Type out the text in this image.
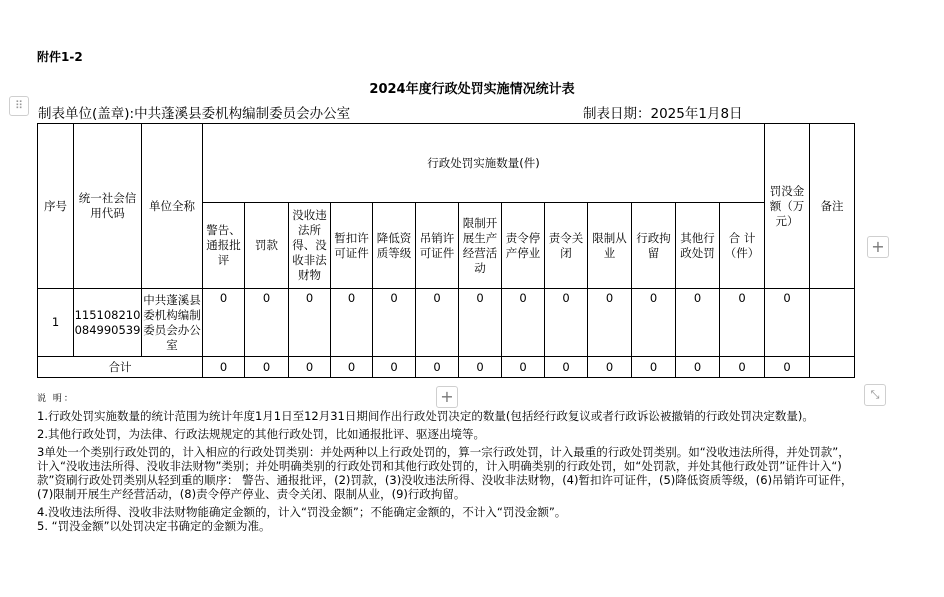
附件1-2
2024年度行政处罚实施情况统计表
⠿
制表单位(盖章):中共蓬溪县委机构编制委员会办公室	制表日期：2025年1月8日
序号	统一社会信用代码	单位全称	行政处罚实施数量(件)													罚没金额（万元）	备注
			警告、通报批评	罚款	没收违法所得、没收非法财物	暂扣许可证件	降低资质等级	吊销许可证件	限制开展生产经营活动	责令停产停业	责令关闭	限制从业	行政拘留	其他行政处罚	合 计（件）		
1	115108210084990539	中共蓬溪县委机构编制委员会办公室	0	0	0	0	0	0	0	0	0	0	0	0	0	0	
合计			0	0	0	0	0	0	0	0	0	0	0	0	0	0	
+
+	⤡

说 明：

1.行政处罚实施数量的统计范围为统计年度1月1日至12月31日期间作出行政处罚决定的数量(包括经行政复议或者行政诉讼被撤销的行政处罚决定数量)。

2.其他行政处罚，为法律、行政法规规定的其他行政处罚，比如通报批评、驱逐出境等。

3单处一个类别行政处罚的，计入相应的行政处罚类别：并处两种以上行政处罚的，算一宗行政处罚，计入最重的行政处罚类别。如“没收违法所得，并处罚款”，计入“没收违法所得、没收非法财物”类别；并处明确类别的行政处罚和其他行政处罚的，计入明确类别的行政处罚，如“处罚款，并处其他行政处罚”证件计入“)款”资刷行政处罚类别从轻到重的顺序： 警告、通报批评，(2)罚款，(3)没收违法所得、没收非法财物，(4)暂扣许可证件，(5)降低资质等级，(6)吊销许可证件，(7)限制开展生产经营活动，(8)责令停产停业、责令关闭、限制从业，(9)行政拘留。

4.没收违法所得、没收非法财物能确定金额的，计入“罚没金额”；不能确定金额的，不计入“罚没金额”。

5. “罚没金额”以处罚决定书确定的金额为准。
